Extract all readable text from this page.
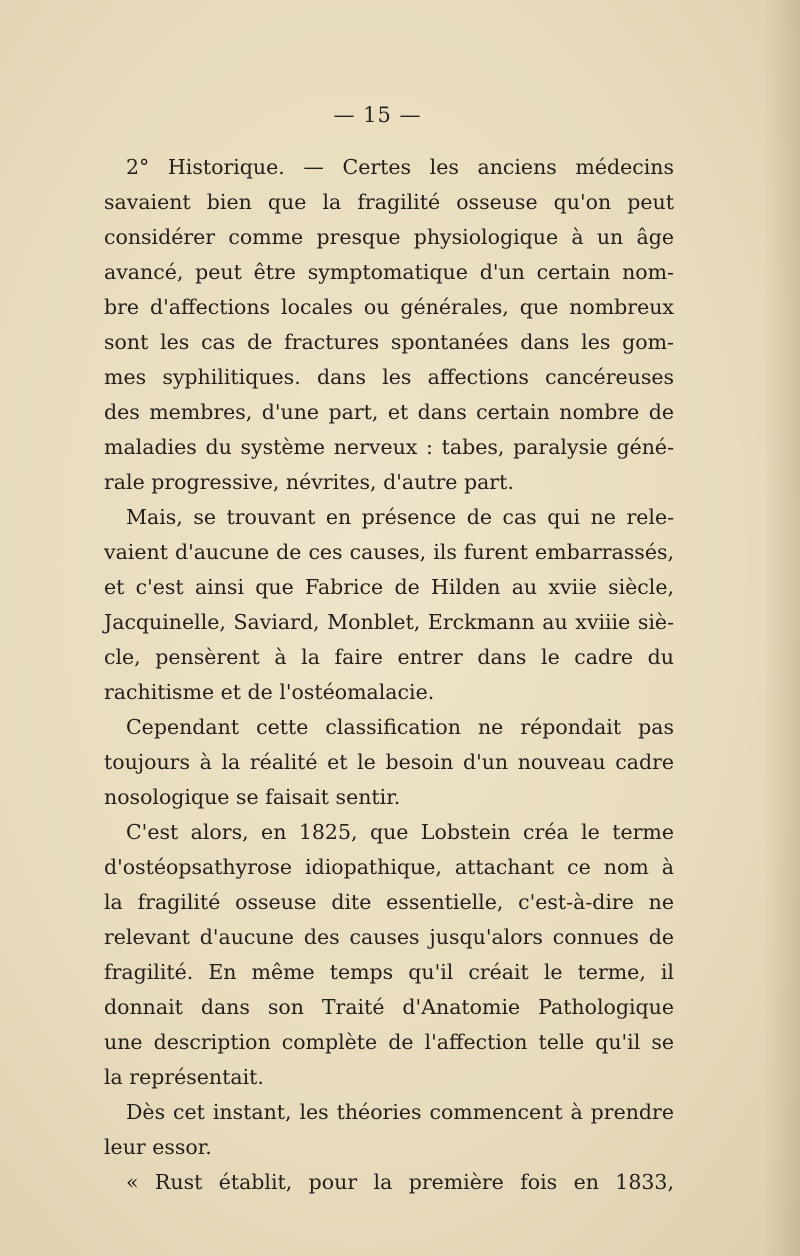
— 15 —
2° Historique. — Certes les anciens médecins
savaient bien que la fragilité osseuse qu'on peut
considérer comme presque physiologique à un âge
avancé, peut être symptomatique d'un certain nom-
bre d'affections locales ou générales, que nombreux
sont les cas de fractures spontanées dans les gom-
mes syphilitiques. dans les affections cancéreuses
des membres, d'une part, et dans certain nombre de
maladies du système nerveux : tabes, paralysie géné-
rale progressive, névrites, d'autre part.
Mais, se trouvant en présence de cas qui ne rele-
vaient d'aucune de ces causes, ils furent embarrassés,
et c'est ainsi que Fabrice de Hilden au xviie siècle,
Jacquinelle, Saviard, Monblet, Erckmann au xviiie siè-
cle, pensèrent à la faire entrer dans le cadre du
rachitisme et de l'ostéomalacie.
Cependant cette classification ne répondait pas
toujours à la réalité et le besoin d'un nouveau cadre
nosologique se faisait sentir.
C'est alors, en 1825, que Lobstein créa le terme
d'ostéopsathyrose idiopathique, attachant ce nom à
la fragilité osseuse dite essentielle, c'est-à-dire ne
relevant d'aucune des causes jusqu'alors connues de
fragilité. En même temps qu'il créait le terme, il
donnait dans son Traité d'Anatomie Pathologique
une description complète de l'affection telle qu'il se
la représentait.
Dès cet instant, les théories commencent à prendre
leur essor.
« Rust établit, pour la première fois en 1833,
